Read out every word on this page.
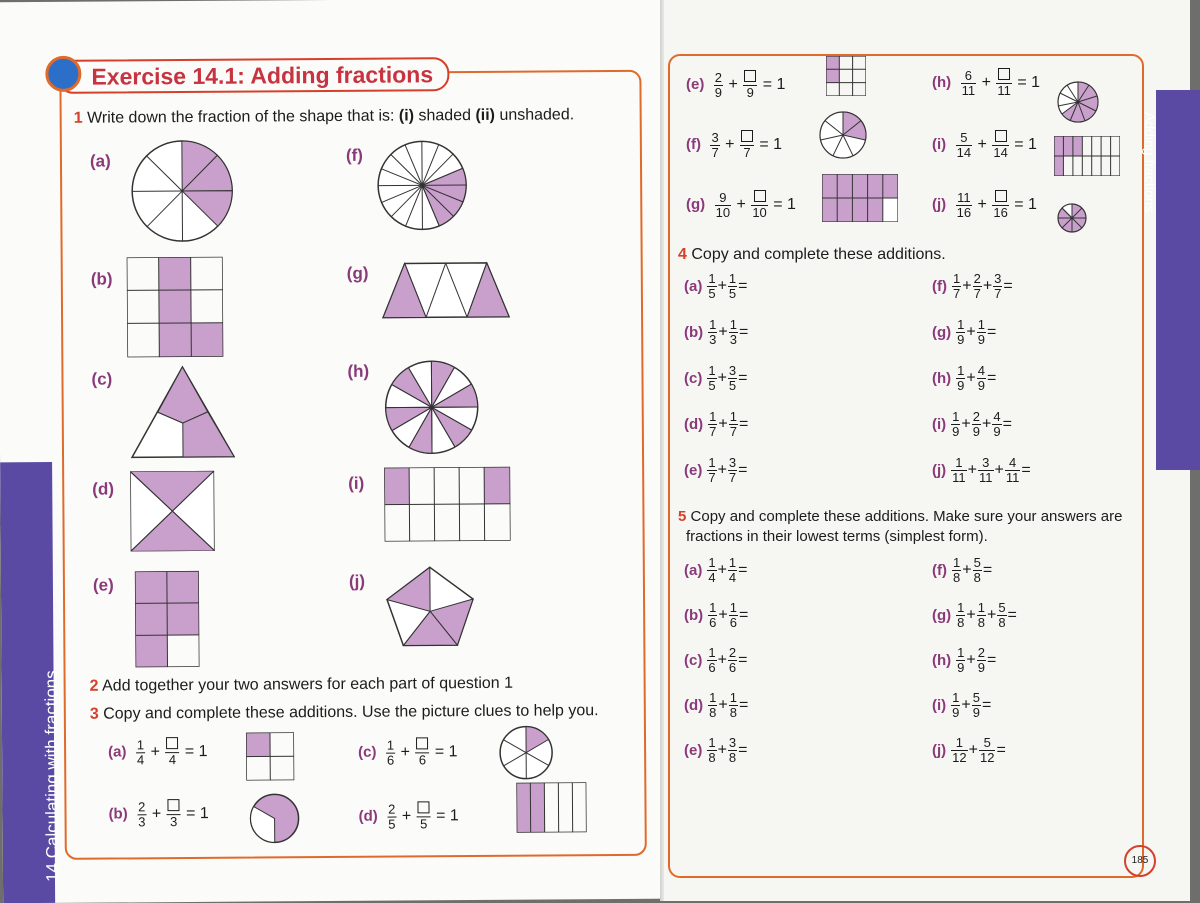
Exercise 14.1: Adding fractions
1 Write down the fraction of the shape that is: (i) shaded (ii) unshaded.
(a)
(b)
(c)
(d)
(e)
(f)
(g)
(h)
(i)
(j)
2 Add together your two answers for each part of question 1
3 Copy and complete these additions. Use the picture clues to help you.
$(a) \frac{1}{4} + 4 = 1$
$(b) \frac{2}{3} + 3 = 1$
$(c) \frac{1}{6} + 6 = 1$
$(d) \frac{2}{5} + 5 = 1$
14 Calculating with fractions
$(e) \frac{2}{9} + 9 = 1$
$(f) \frac{3}{7} + 7 = 1$
$(g) \frac{9}{10} + 10 = 1$
$(h) \frac{6}{11} + 11 = 1$
$(i) \frac{5}{14} + 14 = 1$
$(j) \frac{11}{16} + 16 = 1$
4 Copy and complete these additions.
5 Copy and complete these additions. Make sure your answers are
fractions in their lowest terms (simplest form).
Adding fractions
185
$(a) \frac{1}{5} + \frac{1}{5}$ =
$(b) \frac{1}{3} + \frac{1}{3}$ =
$(c) \frac{1}{5} + \frac{3}{5}$ =
$(d) \frac{1}{7} + \frac{1}{7}$ =
$(e) \frac{1}{7} + \frac{3}{7}$ =
$(f) \frac{1}{7} + \frac{2}{7} + \frac{3}{7}$ =
$(g) \frac{1}{9} + \frac{1}{9}$ =
$(h) \frac{1}{9} + \frac{4}{9}$ =
$(i) \frac{1}{9} + \frac{2}{9} + \frac{4}{9}$ =
$(j) \frac{1}{11} + \frac{3}{11} + \frac{4}{11}$ =
$(a) \frac{1}{4} + \frac{1}{4}$ =
$(b) \frac{1}{6} + \frac{1}{6}$ =
$(c) \frac{1}{6} + \frac{2}{6}$ =
$(d) \frac{1}{8} + \frac{1}{8}$ =
$(e) \frac{1}{8} + \frac{3}{8}$ =
$(f) \frac{1}{8} + \frac{5}{8}$ =
$(g) \frac{1}{8} + \frac{1}{8} + \frac{5}{8}$ =
$(h) \frac{1}{9} + \frac{2}{9}$ =
$(i) \frac{1}{9} + \frac{5}{9}$ =
$(j) \frac{1}{12} + \frac{5}{12}$ =
